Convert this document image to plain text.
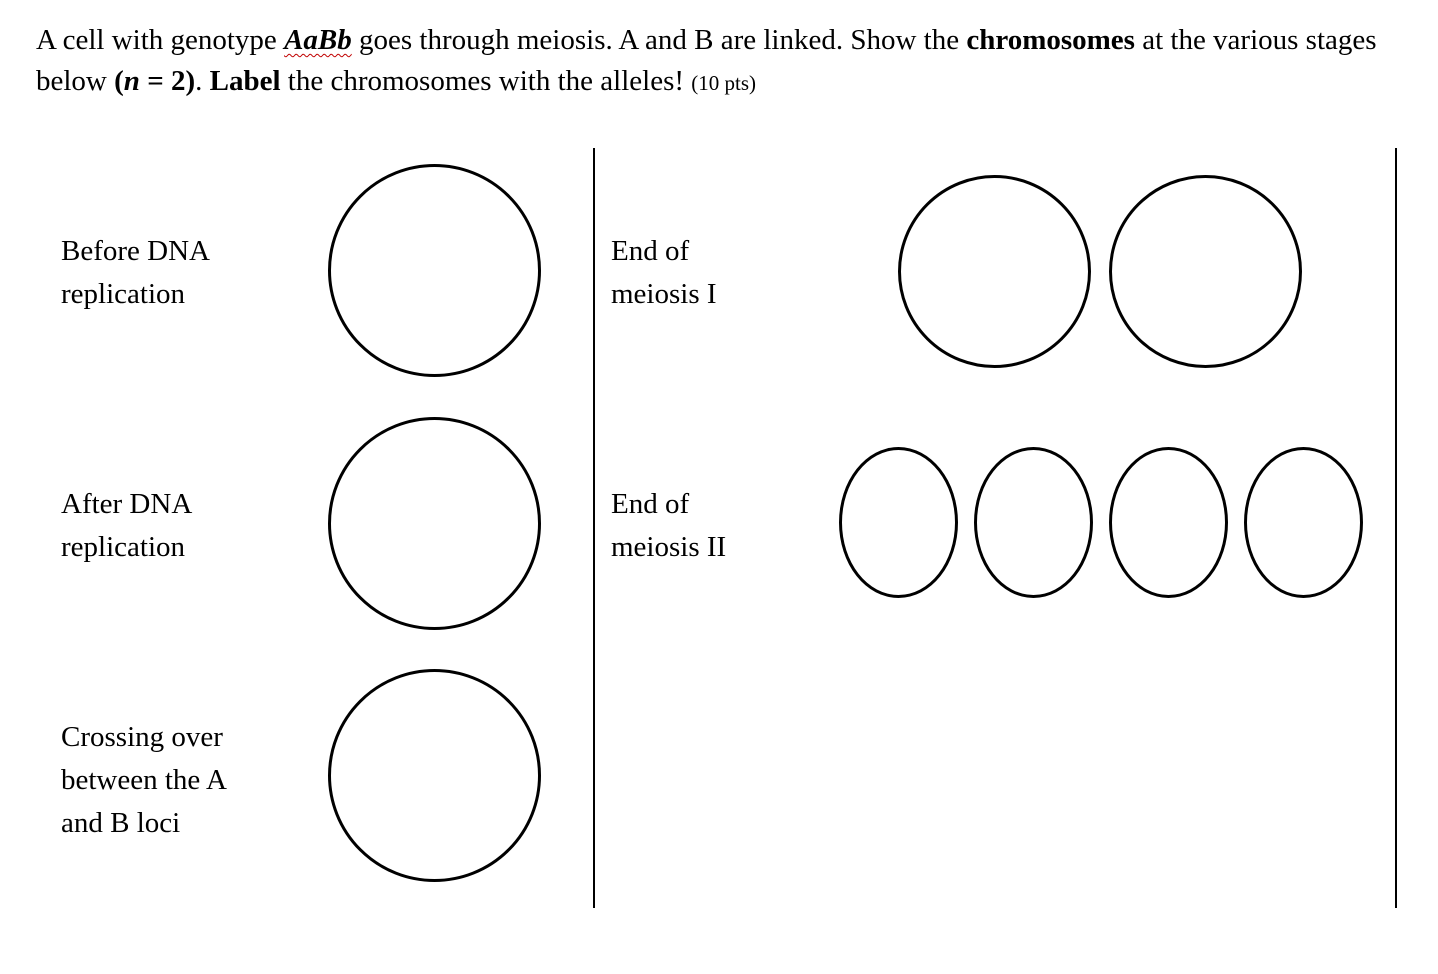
A cell with genotype AaBb goes through meiosis. A and B are linked. Show the chromosomes at the various stages below (n = 2). Label the chromosomes with the alleles! (10 pts)

Before DNA
replication

After DNA
replication

Crossing over
between the A
and B loci

End of
meiosis I

End of
meiosis II
